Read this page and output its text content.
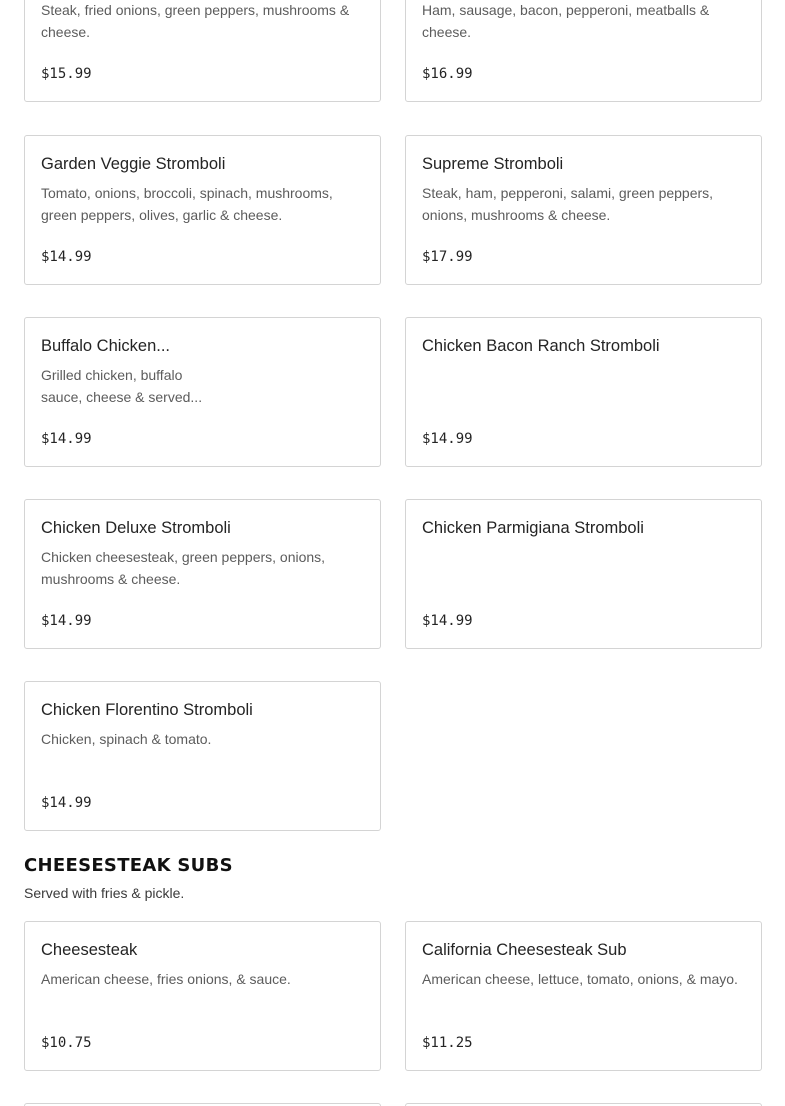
Steak, fried onions, green peppers, mushrooms & cheese.
$15.99
Ham, sausage, bacon, pepperoni, meatballs & cheese.
$16.99
Garden Veggie Stromboli
Tomato, onions, broccoli, spinach, mushrooms, green peppers, olives, garlic & cheese.
$14.99
Supreme Stromboli
Steak, ham, pepperoni, salami, green peppers, onions, mushrooms & cheese.
$17.99
Buffalo Chicken...
Grilled chicken, buffalo sauce, cheese & served...
$14.99
Chicken Bacon Ranch Stromboli
$14.99
Chicken Deluxe Stromboli
Chicken cheesesteak, green peppers, onions, mushrooms & cheese.
$14.99
Chicken Parmigiana Stromboli
$14.99
Chicken Florentino Stromboli
Chicken, spinach & tomato.
$14.99
CHEESESTEAK SUBS
Served with fries & pickle.
Cheesesteak
American cheese, fries onions, & sauce.
$10.75
California Cheesesteak Sub
American cheese, lettuce, tomato, onions, & mayo.
$11.25
